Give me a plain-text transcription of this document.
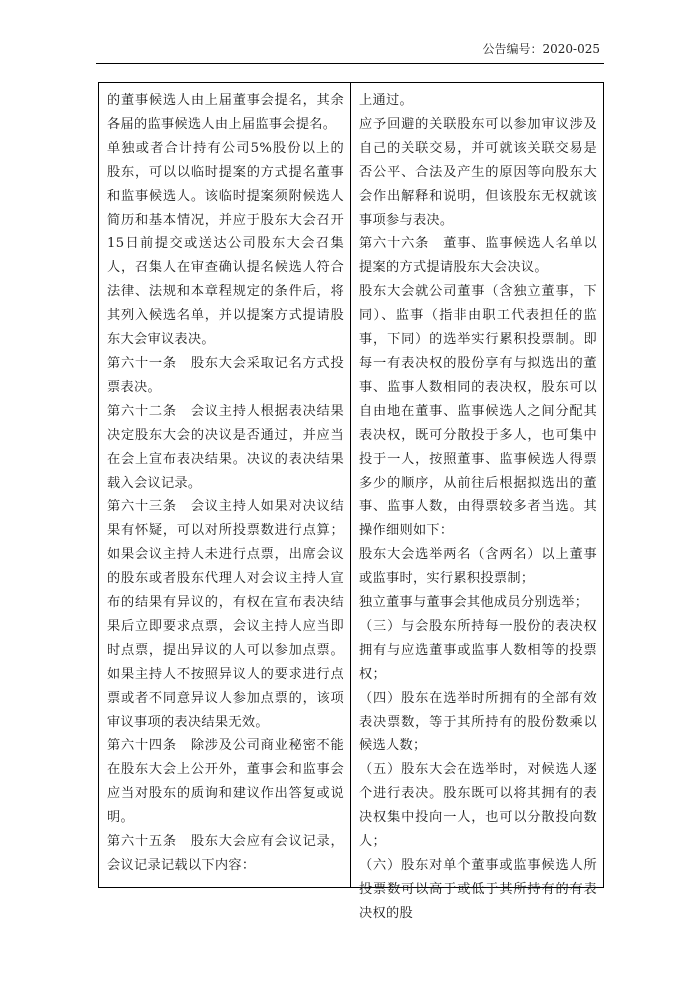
公告编号：2020-025

的董事候选人由上届董事会提名，其余各届的监事候选人由上届监事会提名。

单独或者合计持有公司5%股份以上的股东，可以以临时提案的方式提名董事和监事候选人。该临时提案须附候选人简历和基本情况，并应于股东大会召开15日前提交或送达公司股东大会召集人，召集人在审查确认提名候选人符合法律、法规和本章程规定的条件后，将其列入候选名单，并以提案方式提请股东大会审议表决。

第六十一条　股东大会采取记名方式投票表决。

第六十二条　会议主持人根据表决结果决定股东大会的决议是否通过，并应当在会上宣布表决结果。决议的表决结果载入会议记录。

第六十三条　会议主持人如果对决议结果有怀疑，可以对所投票数进行点算；如果会议主持人未进行点票，出席会议的股东或者股东代理人对会议主持人宣布的结果有异议的，有权在宣布表决结果后立即要求点票，会议主持人应当即时点票，提出异议的人可以参加点票。如果主持人不按照异议人的要求进行点票或者不同意异议人参加点票的，该项审议事项的表决结果无效。

第六十四条　除涉及公司商业秘密不能在股东大会上公开外，董事会和监事会应当对股东的质询和建议作出答复或说明。

第六十五条　股东大会应有会议记录，会议记录记载以下内容：

上通过。

应予回避的关联股东可以参加审议涉及自己的关联交易，并可就该关联交易是否公平、合法及产生的原因等向股东大会作出解释和说明，但该股东无权就该事项参与表决。

第六十六条　董事、监事候选人名单以提案的方式提请股东大会决议。

股东大会就公司董事（含独立董事，下同）、监事（指非由职工代表担任的监事，下同）的选举实行累积投票制。即每一有表决权的股份享有与拟选出的董事、监事人数相同的表决权，股东可以自由地在董事、监事候选人之间分配其表决权，既可分散投于多人，也可集中投于一人，按照董事、监事候选人得票多少的顺序，从前往后根据拟选出的董事、监事人数，由得票较多者当选。其操作细则如下：

股东大会选举两名（含两名）以上董事或监事时，实行累积投票制；

独立董事与董事会其他成员分别选举；

（三）与会股东所持每一股份的表决权拥有与应选董事或监事人数相等的投票权；

（四）股东在选举时所拥有的全部有效表决票数，等于其所持有的股份数乘以候选人数；

（五）股东大会在选举时，对候选人逐个进行表决。股东既可以将其拥有的表决权集中投向一人，也可以分散投向数人；

（六）股东对单个董事或监事候选人所投票数可以高于或低于其所持有的有表决权的股
